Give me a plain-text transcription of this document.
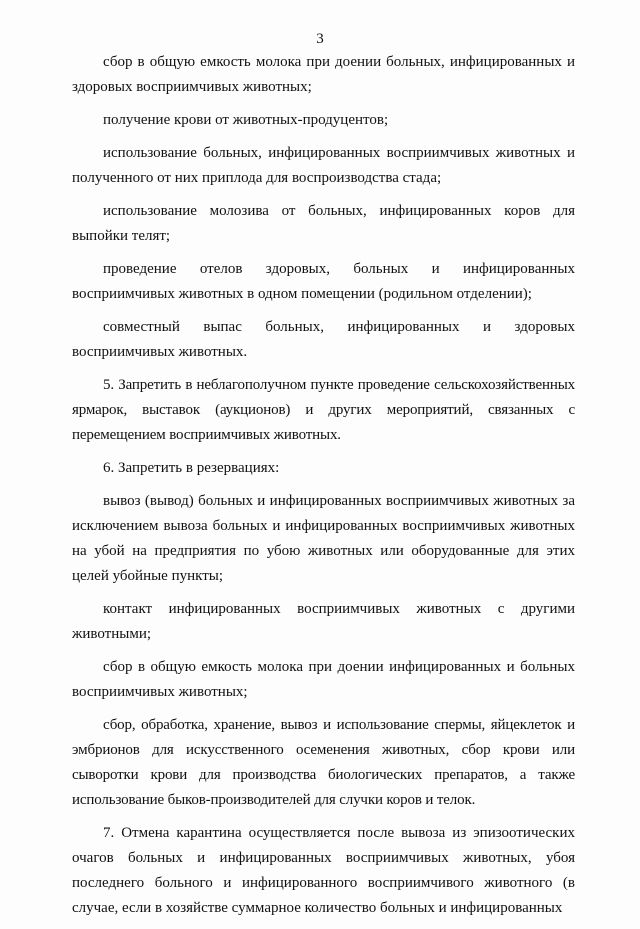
3

сбор в общую емкость молока при доении больных, инфицированных и здоровых восприимчивых животных;

получение крови от животных-продуцентов;

использование больных, инфицированных восприимчивых животных и полученного от них приплода для воспроизводства стада;

использование молозива от больных, инфицированных коров для выпойки телят;

проведение отелов здоровых, больных и инфицированных восприимчивых животных в одном помещении (родильном отделении);

совместный выпас больных, инфицированных и здоровых восприимчивых животных.

5. Запретить в неблагополучном пункте проведение сельскохозяйственных ярмарок, выставок (аукционов) и других мероприятий, связанных с перемещением восприимчивых животных.

6. Запретить в резервациях:

вывоз (вывод) больных и инфицированных восприимчивых животных за исключением вывоза больных и инфицированных восприимчивых животных на убой на предприятия по убою животных или оборудованные для этих целей убойные пункты;

контакт инфицированных восприимчивых животных с другими животными;

сбор в общую емкость молока при доении инфицированных и больных восприимчивых животных;

сбор, обработка, хранение, вывоз и использование спермы, яйцеклеток и эмбрионов для искусственного осеменения животных, сбор крови или сыворотки крови для производства биологических препаратов, а также использование быков-производителей для случки коров и телок.

7. Отмена карантина осуществляется после вывоза из эпизоотических очагов больных и инфицированных восприимчивых животных, убоя последнего больного и инфицированного восприимчивого животного (в случае, если в хозяйстве суммарное количество больных и инфицированных
